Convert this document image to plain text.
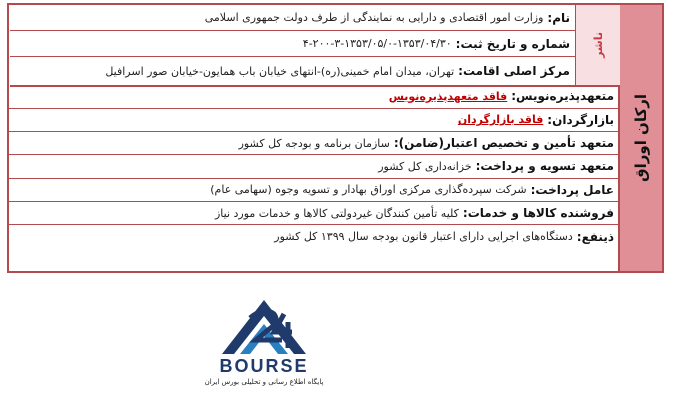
ارکان اوراق
ناشر
نام:
وزارت امور اقتصادی و دارایی به نمایندگی از طرف دولت جمهوری اسلامی
شماره و تاریخ ثبت:
۴-۲۰۰-۳-۱۳۵۳/۰۵/۰-۱۳۵۳/۰۴/۳۰
مرکز اصلی اقامت:
تهران، میدان امام خمینی(ره)-انتهای خیابان باب همایون-خیابان صور اسرافیل
متعهدپذیره‌نویس:
فاقد متعهدپذیره‌نویس
بازارگردان:
فاقد بازارگردان
متعهد تأمین و تخصیص اعتبار(ضامن):
سازمان برنامه و بودجه کل کشور
متعهد تسویه و پرداخت:
خزانه‌داری کل کشور
عامل پرداخت:
شرکت سپرده‌گذاری مرکزی اوراق بهادار و تسویه وجوه (سهامی عام)
فروشنده کالاها و خدمات:
کلیه تأمین کنندگان غیردولتی کالاها و خدمات مورد نیاز
ذینفع:
دستگاه‌های اجرایی دارای اعتبار قانون بودجه سال ۱۳۹۹ کل کشور
BOURSE
پایگاه اطلاع رسانی و تحلیلی بورس ایران
